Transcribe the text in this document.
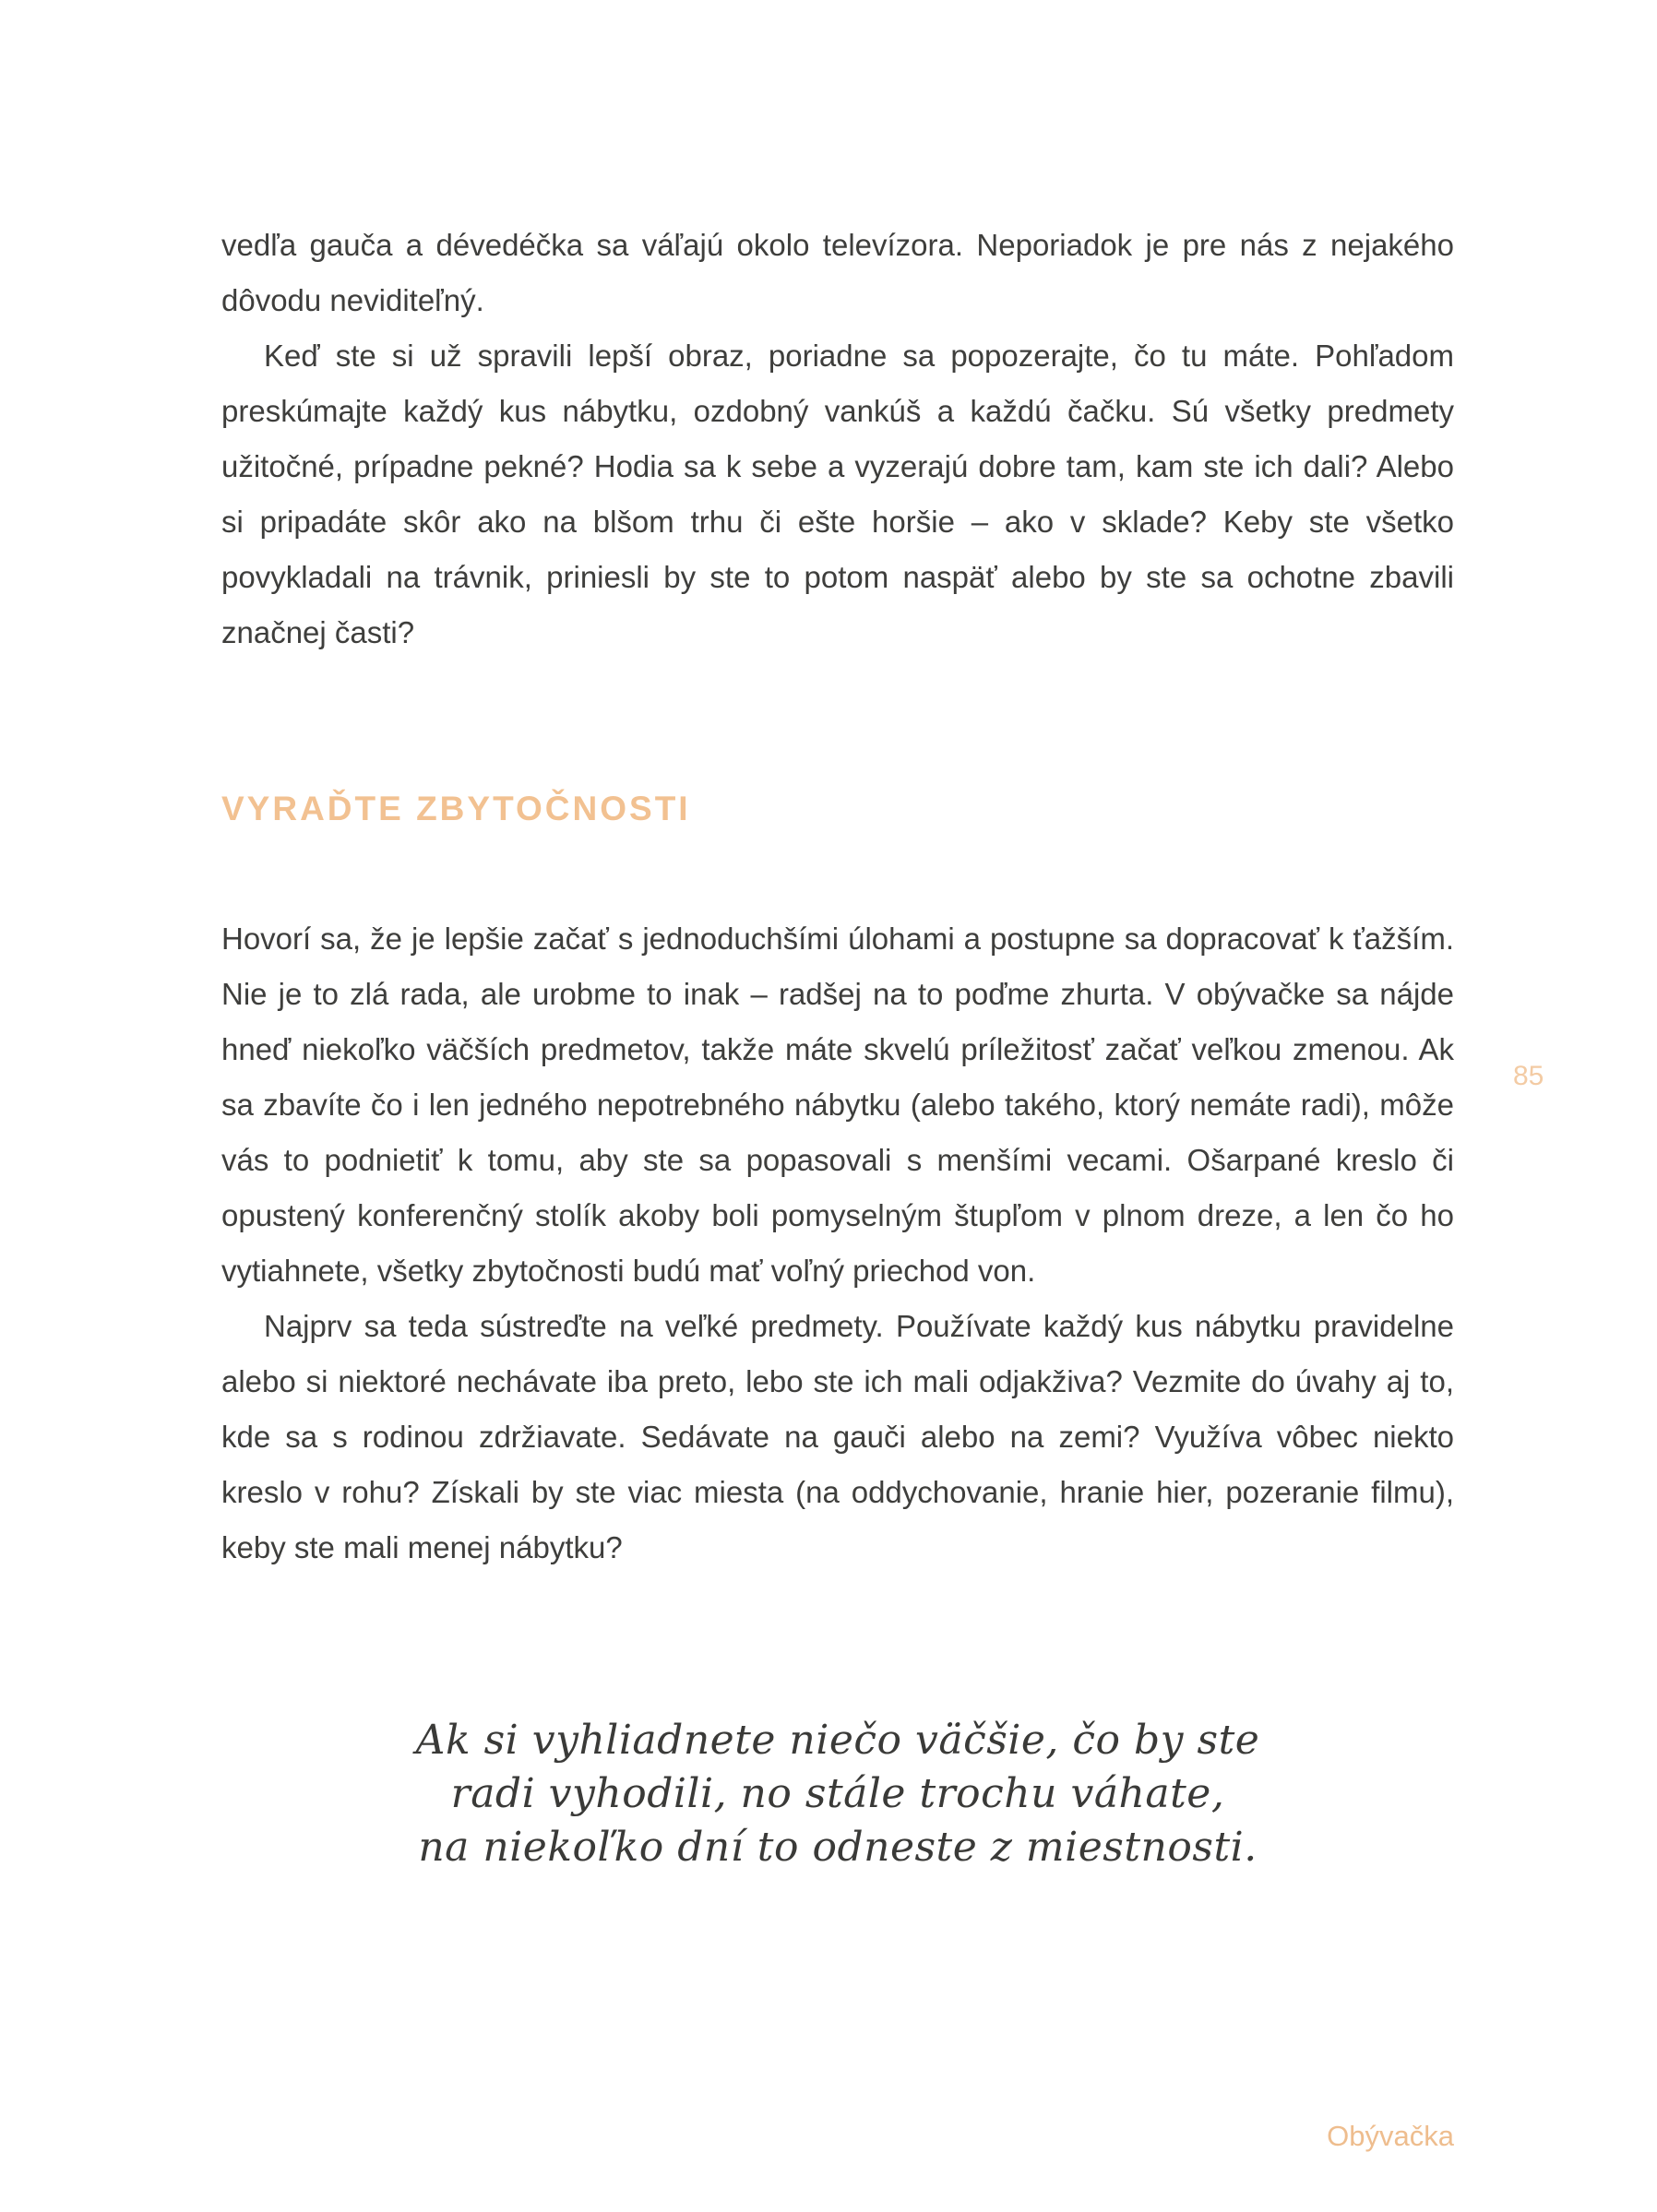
vedľa gauča a dévedéčka sa váľajú okolo televízora. Neporiadok je pre nás z nejakého dôvodu neviditeľný.

Keď ste si už spravili lepší obraz, poriadne sa popozerajte, čo tu máte. Pohľadom preskúmajte každý kus nábytku, ozdobný vankúš a každú čačku. Sú všetky predmety užitočné, prípadne pekné? Hodia sa k sebe a vyzerajú dobre tam, kam ste ich dali? Alebo si pripadáte skôr ako na blšom trhu či ešte horšie – ako v sklade? Keby ste všetko povykladali na trávnik, priniesli by ste to potom naspäť alebo by ste sa ochotne zbavili značnej časti?

VYRAĎTE ZBYTOČNOSTI

Hovorí sa, že je lepšie začať s jednoduchšími úlohami a postupne sa dopracovať k ťažším. Nie je to zlá rada, ale urobme to inak – radšej na to poďme zhurta. V obývačke sa nájde hneď niekoľko väčších predmetov, takže máte skvelú príležitosť začať veľkou zmenou. Ak sa zbavíte čo i len jedného nepotrebného nábytku (alebo takého, ktorý nemáte radi), môže vás to podnietiť k tomu, aby ste sa popasovali s menšími vecami. Ošarpané kreslo či opustený konferenčný stolík akoby boli pomyselným štupľom v plnom dreze, a len čo ho vytiahnete, všetky zbytočnosti budú mať voľný priechod von.

Najprv sa teda sústreďte na veľké predmety. Používate každý kus nábytku pravidelne alebo si niektoré nechávate iba preto, lebo ste ich mali odjakživa? Vezmite do úvahy aj to, kde sa s rodinou zdržiavate. Sedávate na gauči alebo na zemi? Využíva vôbec niekto kreslo v rohu? Získali by ste viac miesta (na oddychovanie, hranie hier, pozeranie filmu), keby ste mali menej nábytku?

Ak si vyhliadnete niečo väčšie, čo by ste
radi vyhodili, no stále trochu váhate,
na niekoľko dní to odneste z miestnosti.
85
Obývačka
